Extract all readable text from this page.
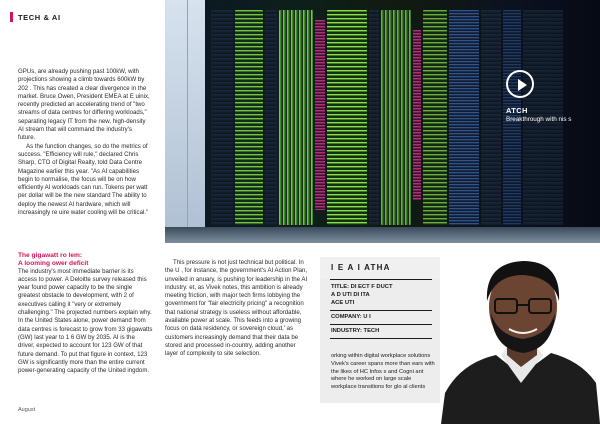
TECH & AI

GPUs, are already pushing past 100kW, with projections showing a climb towards 600kW by 202 . This has created a clear divergence in the market. Bruce Owen, President EMEA at E uinix, recently predicted an accelerating trend of "two streams of data centres for differing workloads," separating legacy IT from the new, high-density AI stream that will command the industry's future.

As the function changes, so do the metrics of success. "Efficiency will rule," declared Chris Sharp, CTO of Digital Realty, told Data Centre Magazine earlier this year. "As AI capabilities begin to normalise, the focus will be on how efficiently AI workloads can run. Tokens per watt per dollar will be the new standard The ability to deploy the newest AI hardware, which will increasingly re uire water cooling will be critical."

The gigawatt ro lem:
A looming ower deficit

The industry's most immediate barrier is its access to power. A Deloitte survey released this year found power capacity to be the single greatest obstacle to development, with 2 of executives calling it "very or extremely challenging." The projected numbers explain why.

In the United States alone, power demand from data centres is forecast to grow from 33 gigawatts (GW) last year to 1 6 GW by 2035. AI is the driver, expected to account for 123 GW of that future demand. To put that figure in context, 123 GW is significantly more than the entire current power-generating capacity of the United ingdom.

This pressure is not just technical but political. In the U , for instance, the government's AI Action Plan, unveiled in anuary, is pushing for leadership in the AI industry. et, as Vivek notes, this ambition is already meeting friction, with major tech firms lobbying the government for "fair electricity pricing" a recognition that national strategy is useless without affordable, available power at scale. This feeds into a growing focus on data residency, or sovereign cloud,' as customers increasingly demand that their data be stored and processed in-country, adding another layer of complexity to site selection.

ATCH
Breakthrough with nis s
I E A I ATHA
TITLE: DI ECT F DUCT
A D UTI DI ITA
ACE UTI
COMPANY: U I
INDUSTRY: TECH
orking within digital workplace solutions Vivek's career spans more than ears with the likes of HC Infos s and Cogni ant where he worked on large scale workplace transitions for glo al clients
August
